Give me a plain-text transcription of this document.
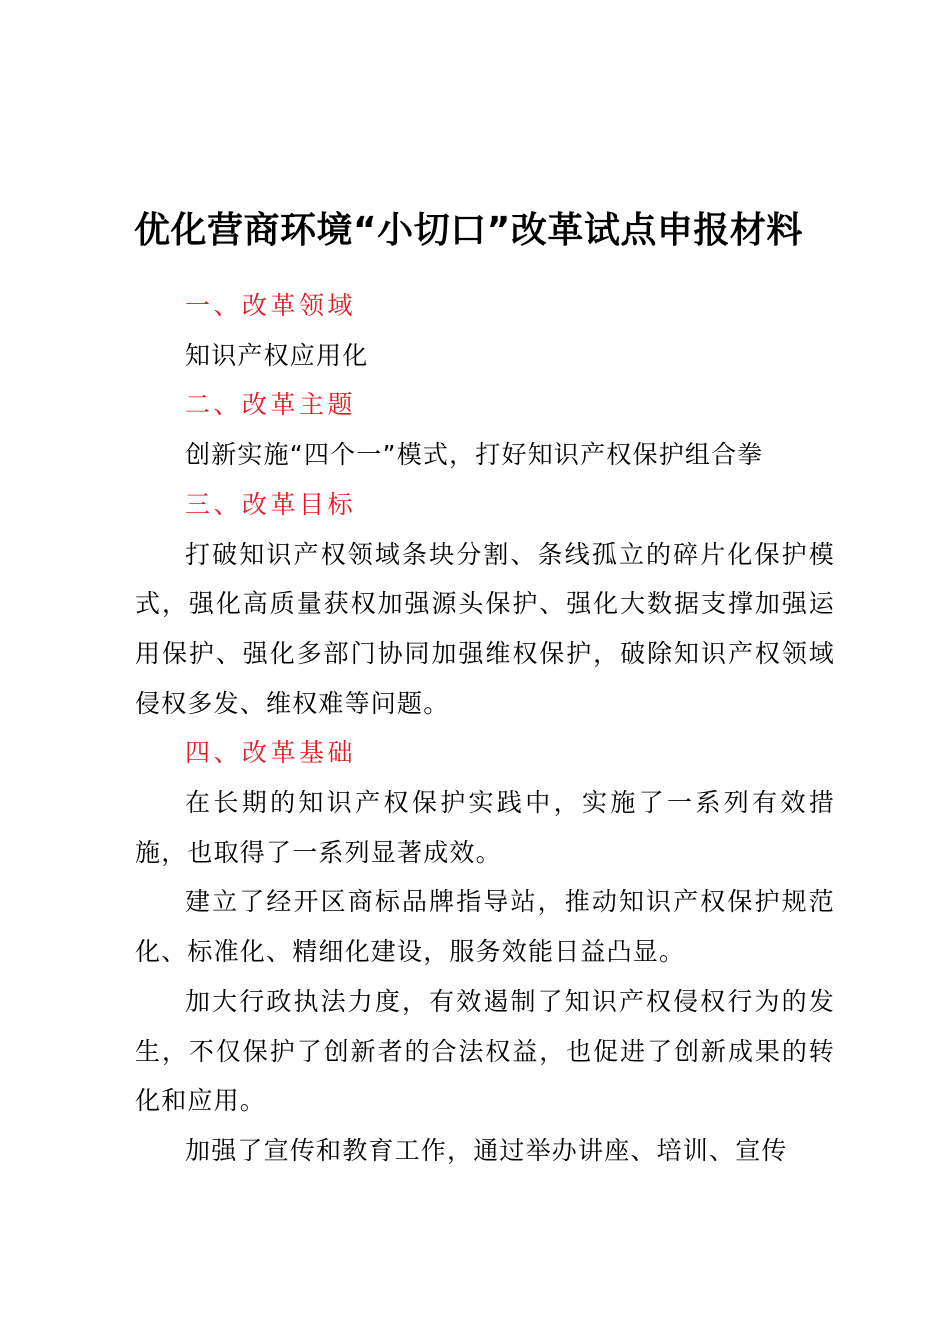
优化营商环境“小切口”改革试点申报材料

一、改革领域

知识产权应用化

二、改革主题

创新实施“四个一”模式，打好知识产权保护组合拳

三、改革目标

打破知识产权领域条块分割、条线孤立的碎片化保护模式，强化高质量获权加强源头保护、强化大数据支撑加强运用保护、强化多部门协同加强维权保护，破除知识产权领域侵权多发、维权难等问题。

四、改革基础

在长期的知识产权保护实践中，实施了一系列有效措施，也取得了一系列显著成效。

建立了经开区商标品牌指导站，推动知识产权保护规范化、标准化、精细化建设，服务效能日益凸显。

加大行政执法力度，有效遏制了知识产权侵权行为的发生，不仅保护了创新者的合法权益，也促进了创新成果的转化和应用。

加强了宣传和教育工作，通过举办讲座、培训、宣传
